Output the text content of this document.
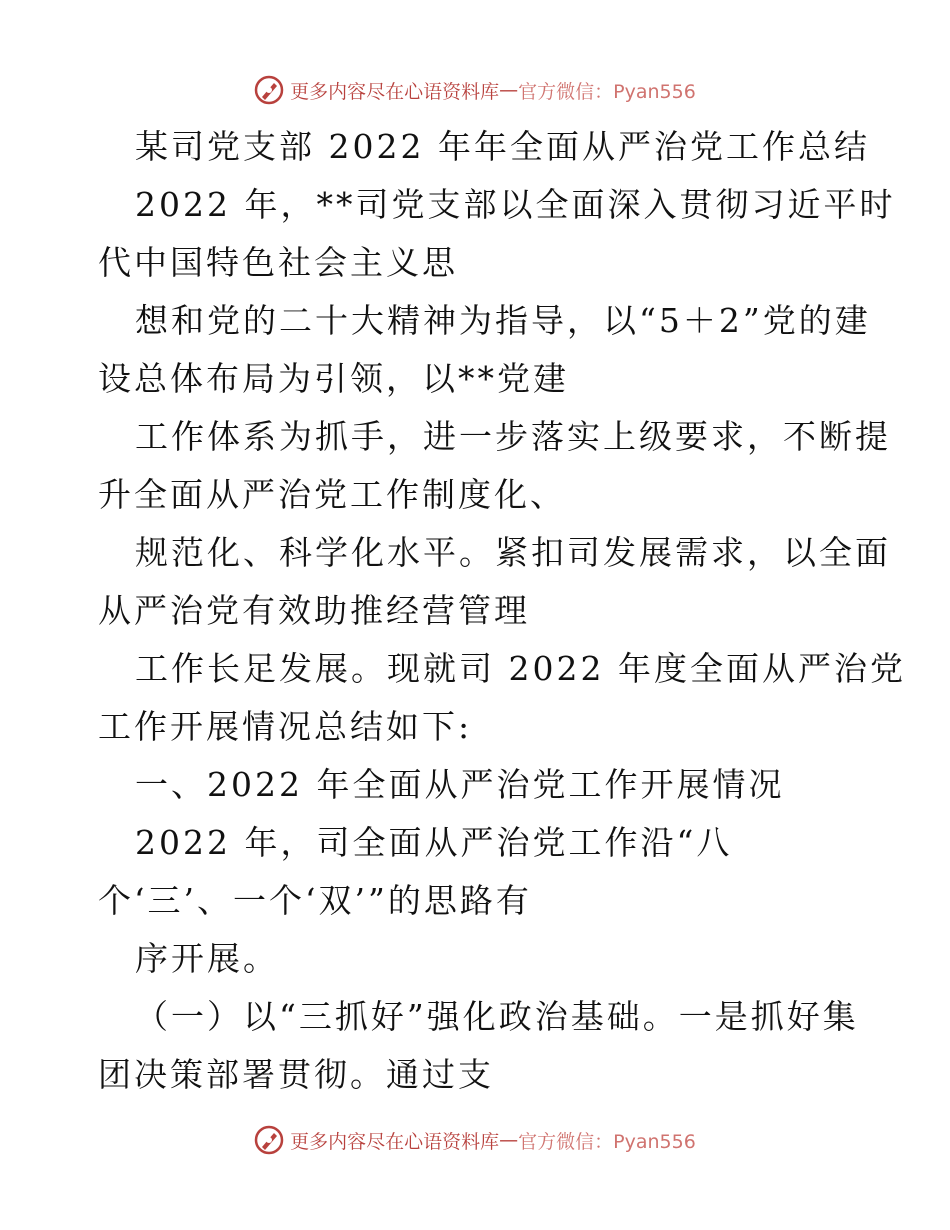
更多内容尽在心语资料库 — 官方微信：Pyan556
某司党支部 2022 年年全面从严治党工作总结
2022 年，**司党支部以全面深入贯彻习近平时
代中国特色社会主义思
想和党的二十大精神为指导，以“5＋2”党的建
设总体布局为引领，以**党建
工作体系为抓手，进一步落实上级要求，不断提
升全面从严治党工作制度化、
规范化、科学化水平。紧扣司发展需求，以全面
从严治党有效助推经营管理
工作长足发展。现就司 2022 年度全面从严治党
工作开展情况总结如下:
一、2022 年全面从严治党工作开展情况
2022 年，司全面从严治党工作沿“八
个‘三’、一个‘双’”的思路有
序开展。
（一）以“三抓好”强化政治基础。一是抓好集
团决策部署贯彻。通过支
更多内容尽在心语资料库 — 官方微信：Pyan556
